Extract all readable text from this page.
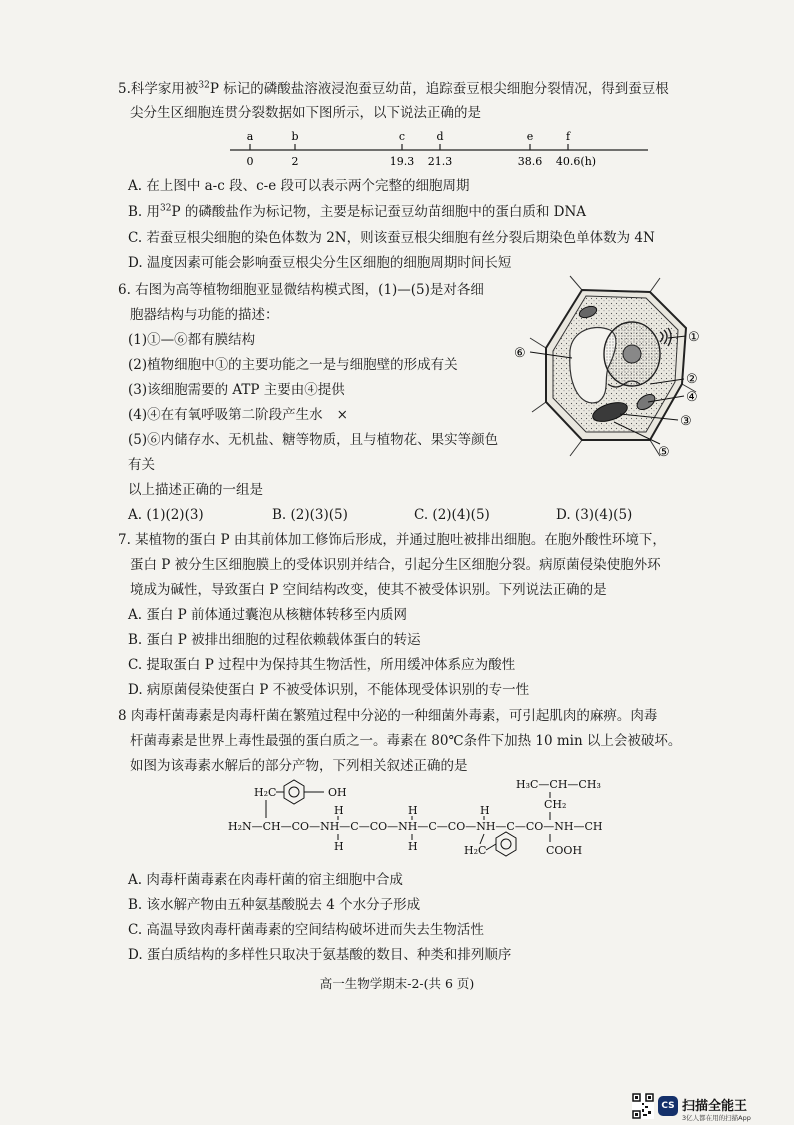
5.科学家用被$^{32}$P 标记的磷酸盐溶液浸泡蚕豆幼苗，追踪蚕豆根尖细胞分裂情况，得到蚕豆根
尖分生区细胞连贯分裂数据如下图所示，以下说法正确的是
a
0
b
2
c
19.3
d
21.3
e
38.6
f
40.6(h)
A. 在上图中 a-c 段、c-e 段可以表示两个完整的细胞周期
B. 用$^{32}$P 的磷酸盐作为标记物，主要是标记蚕豆幼苗细胞中的蛋白质和 DNA
C. 若蚕豆根尖细胞的染色体数为 2N，则该蚕豆根尖细胞有丝分裂后期染色单体数为 4N
D. 温度因素可能会影响蚕豆根尖分生区细胞的细胞周期时间长短
6. 右图为高等植物细胞亚显微结构模式图，(1)—(5)是对各细
胞器结构与功能的描述：
(1)①—⑥都有膜结构
(2)植物细胞中①的主要功能之一是与细胞壁的形成有关
(3)该细胞需要的 ATP 主要由④提供
(4)④在有氧呼吸第二阶段产生水 ×
(5)⑥内储存水、无机盐、糖等物质，且与植物花、果实等颜色
有关
以上描述正确的一组是
A. (1)(2)(3)	B. (2)(3)(5)	C. (2)(4)(5)	D. (3)(4)(5)
①
②
④
③
⑤
⑥
7. 某植物的蛋白 P 由其前体加工修饰后形成，并通过胞吐被排出细胞。在胞外酸性环境下，
蛋白 P 被分生区细胞膜上的受体识别并结合，引起分生区细胞分裂。病原菌侵染使胞外环
境成为碱性，导致蛋白 P 空间结构改变，使其不被受体识别。下列说法正确的是
A. 蛋白 P 前体通过囊泡从核糖体转移至内质网
B. 蛋白 P 被排出细胞的过程依赖载体蛋白的转运
C. 提取蛋白 P 过程中为保持其生物活性，所用缓冲体系应为酸性
D. 病原菌侵染使蛋白 P 不被受体识别，不能体现受体识别的专一性
8 肉毒杆菌毒素是肉毒杆菌在繁殖过程中分泌的一种细菌外毒素，可引起肌肉的麻痹。肉毒
杆菌毒素是世界上毒性最强的蛋白质之一。毒素在 80℃条件下加热 10 min 以上会被破坏。
如图为该毒素水解后的部分产物，下列相关叙述正确的是
H₂C	OH
H₃C—CH—CH₃
CH₂
H	H	H
H₂N—CH—CO—NH—C—CO—NH—C—CO—NH—C—CO—NH—CH
H	H	H₂C	COOH
A. 肉毒杆菌毒素在肉毒杆菌的宿主细胞中合成
B. 该水解产物由五种氨基酸脱去 4 个水分子形成
C. 高温导致肉毒杆菌毒素的空间结构破坏进而失去生物活性
D. 蛋白质结构的多样性只取决于氨基酸的数目、种类和排列顺序
高一生物学期末-2-(共 6 页)
CS 扫描全能王
3亿人都在用的扫描App
